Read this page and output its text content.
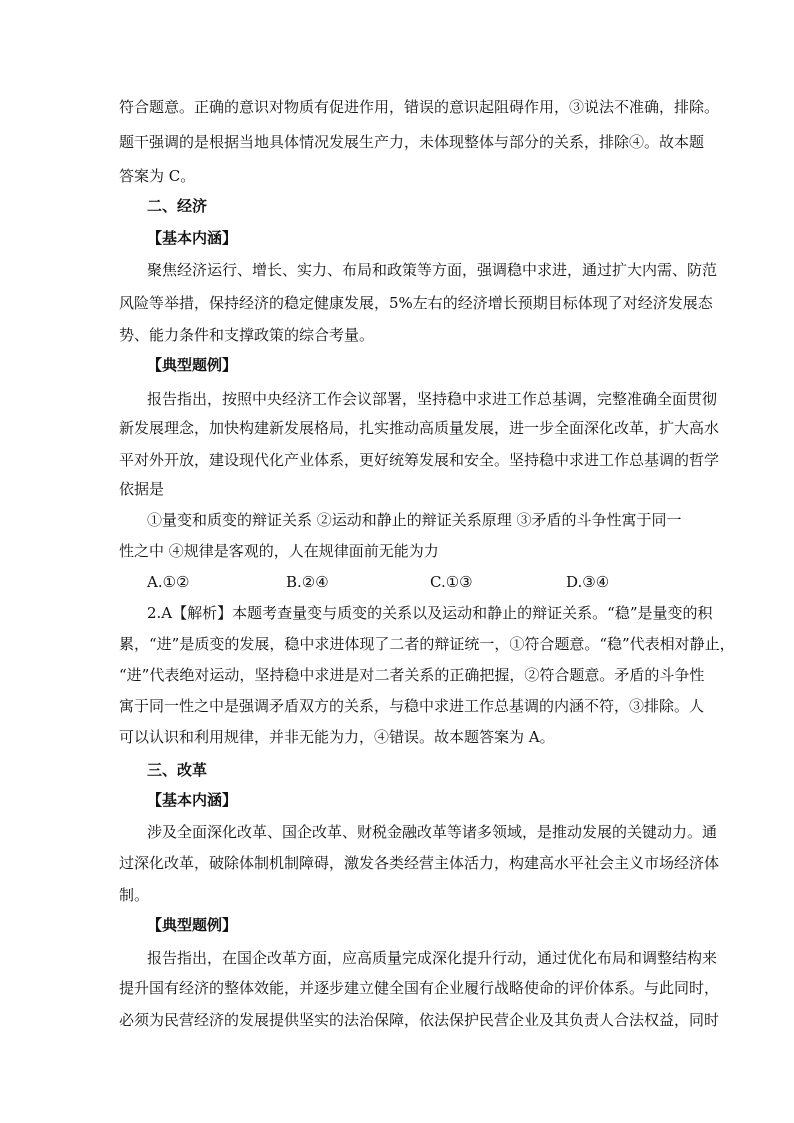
符合题意。正确的意识对物质有促进作用，错误的意识起阻碍作用，③说法不准确，排除。
题干强调的是根据当地具体情况发展生产力，未体现整体与部分的关系，排除④。故本题
答案为 C。
二、经济
【基本内涵】
聚焦经济运行、增长、实力、布局和政策等方面，强调稳中求进，通过扩大内需、防范
风险等举措，保持经济的稳定健康发展，5%左右的经济增长预期目标体现了对经济发展态
势、能力条件和支撑政策的综合考量。
【典型题例】
报告指出，按照中央经济工作会议部署，坚持稳中求进工作总基调，完整准确全面贯彻
新发展理念，加快构建新发展格局，扎实推动高质量发展，进一步全面深化改革，扩大高水
平对外开放，建设现代化产业体系，更好统筹发展和安全。坚持稳中求进工作总基调的哲学
依据是
①量变和质变的辩证关系 ②运动和静止的辩证关系原理 ③矛盾的斗争性寓于同一
性之中 ④规律是客观的，人在规律面前无能为力
A.①②	B.②④	C.①③	D.③④
2.A【解析】本题考查量变与质变的关系以及运动和静止的辩证关系。“稳”是量变的积
累，“进”是质变的发展，稳中求进体现了二者的辩证统一，①符合题意。“稳”代表相对静止，
“进”代表绝对运动，坚持稳中求进是对二者关系的正确把握，②符合题意。矛盾的斗争性
寓于同一性之中是强调矛盾双方的关系，与稳中求进工作总基调的内涵不符，③排除。人
可以认识和利用规律，并非无能为力，④错误。故本题答案为 A。
三、改革
【基本内涵】
涉及全面深化改革、国企改革、财税金融改革等诸多领域，是推动发展的关键动力。通
过深化改革，破除体制机制障碍，激发各类经营主体活力，构建高水平社会主义市场经济体
制。
【典型题例】
报告指出，在国企改革方面，应高质量完成深化提升行动，通过优化布局和调整结构来
提升国有经济的整体效能，并逐步建立健全国有企业履行战略使命的评价体系。与此同时，
必须为民营经济的发展提供坚实的法治保障，依法保护民营企业及其负责人合法权益，同时
